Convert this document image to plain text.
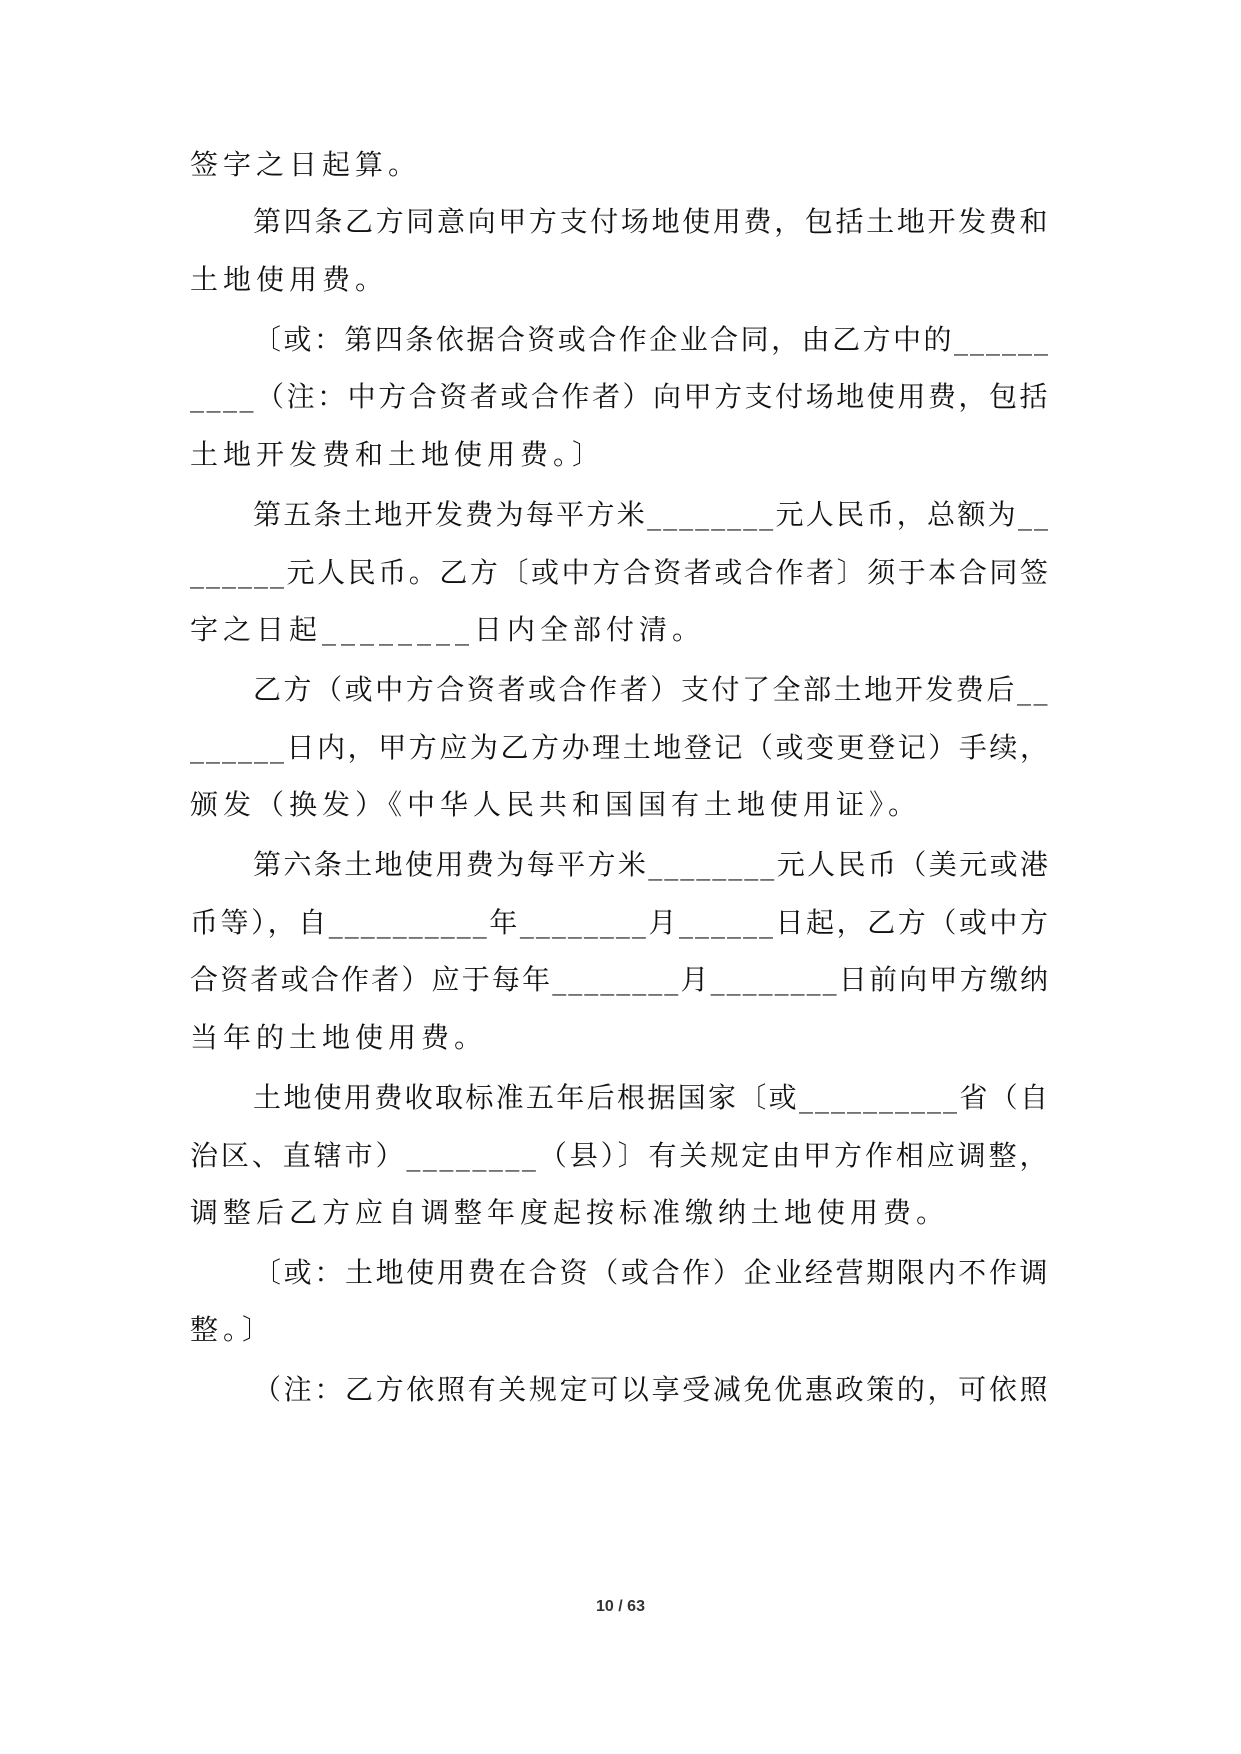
签字之日起算。
第四条乙方同意向甲方支付场地使用费，包括土地开发费和
土地使用费。
〔或：第四条依据合资或合作企业合同，由乙方中的______
____（注：中方合资者或合作者）向甲方支付场地使用费，包括
土地开发费和土地使用费。〕
第五条土地开发费为每平方米________元人民币，总额为__
______元人民币。乙方〔或中方合资者或合作者〕须于本合同签
字之日起________日内全部付清。
乙方（或中方合资者或合作者）支付了全部土地开发费后__
______日内，甲方应为乙方办理土地登记（或变更登记）手续，
颁发（换发）《中华人民共和国国有土地使用证》。
第六条土地使用费为每平方米________元人民币（美元或港
币等），自__________年________月______日起，乙方（或中方
合资者或合作者）应于每年________月________日前向甲方缴纳
当年的土地使用费。
土地使用费收取标准五年后根据国家〔或__________省（自
治区、直辖市）________（县）〕有关规定由甲方作相应调整，
调整后乙方应自调整年度起按标准缴纳土地使用费。
〔或：土地使用费在合资（或合作）企业经营期限内不作调
整。〕
（注：乙方依照有关规定可以享受减免优惠政策的，可依照
10 / 63
